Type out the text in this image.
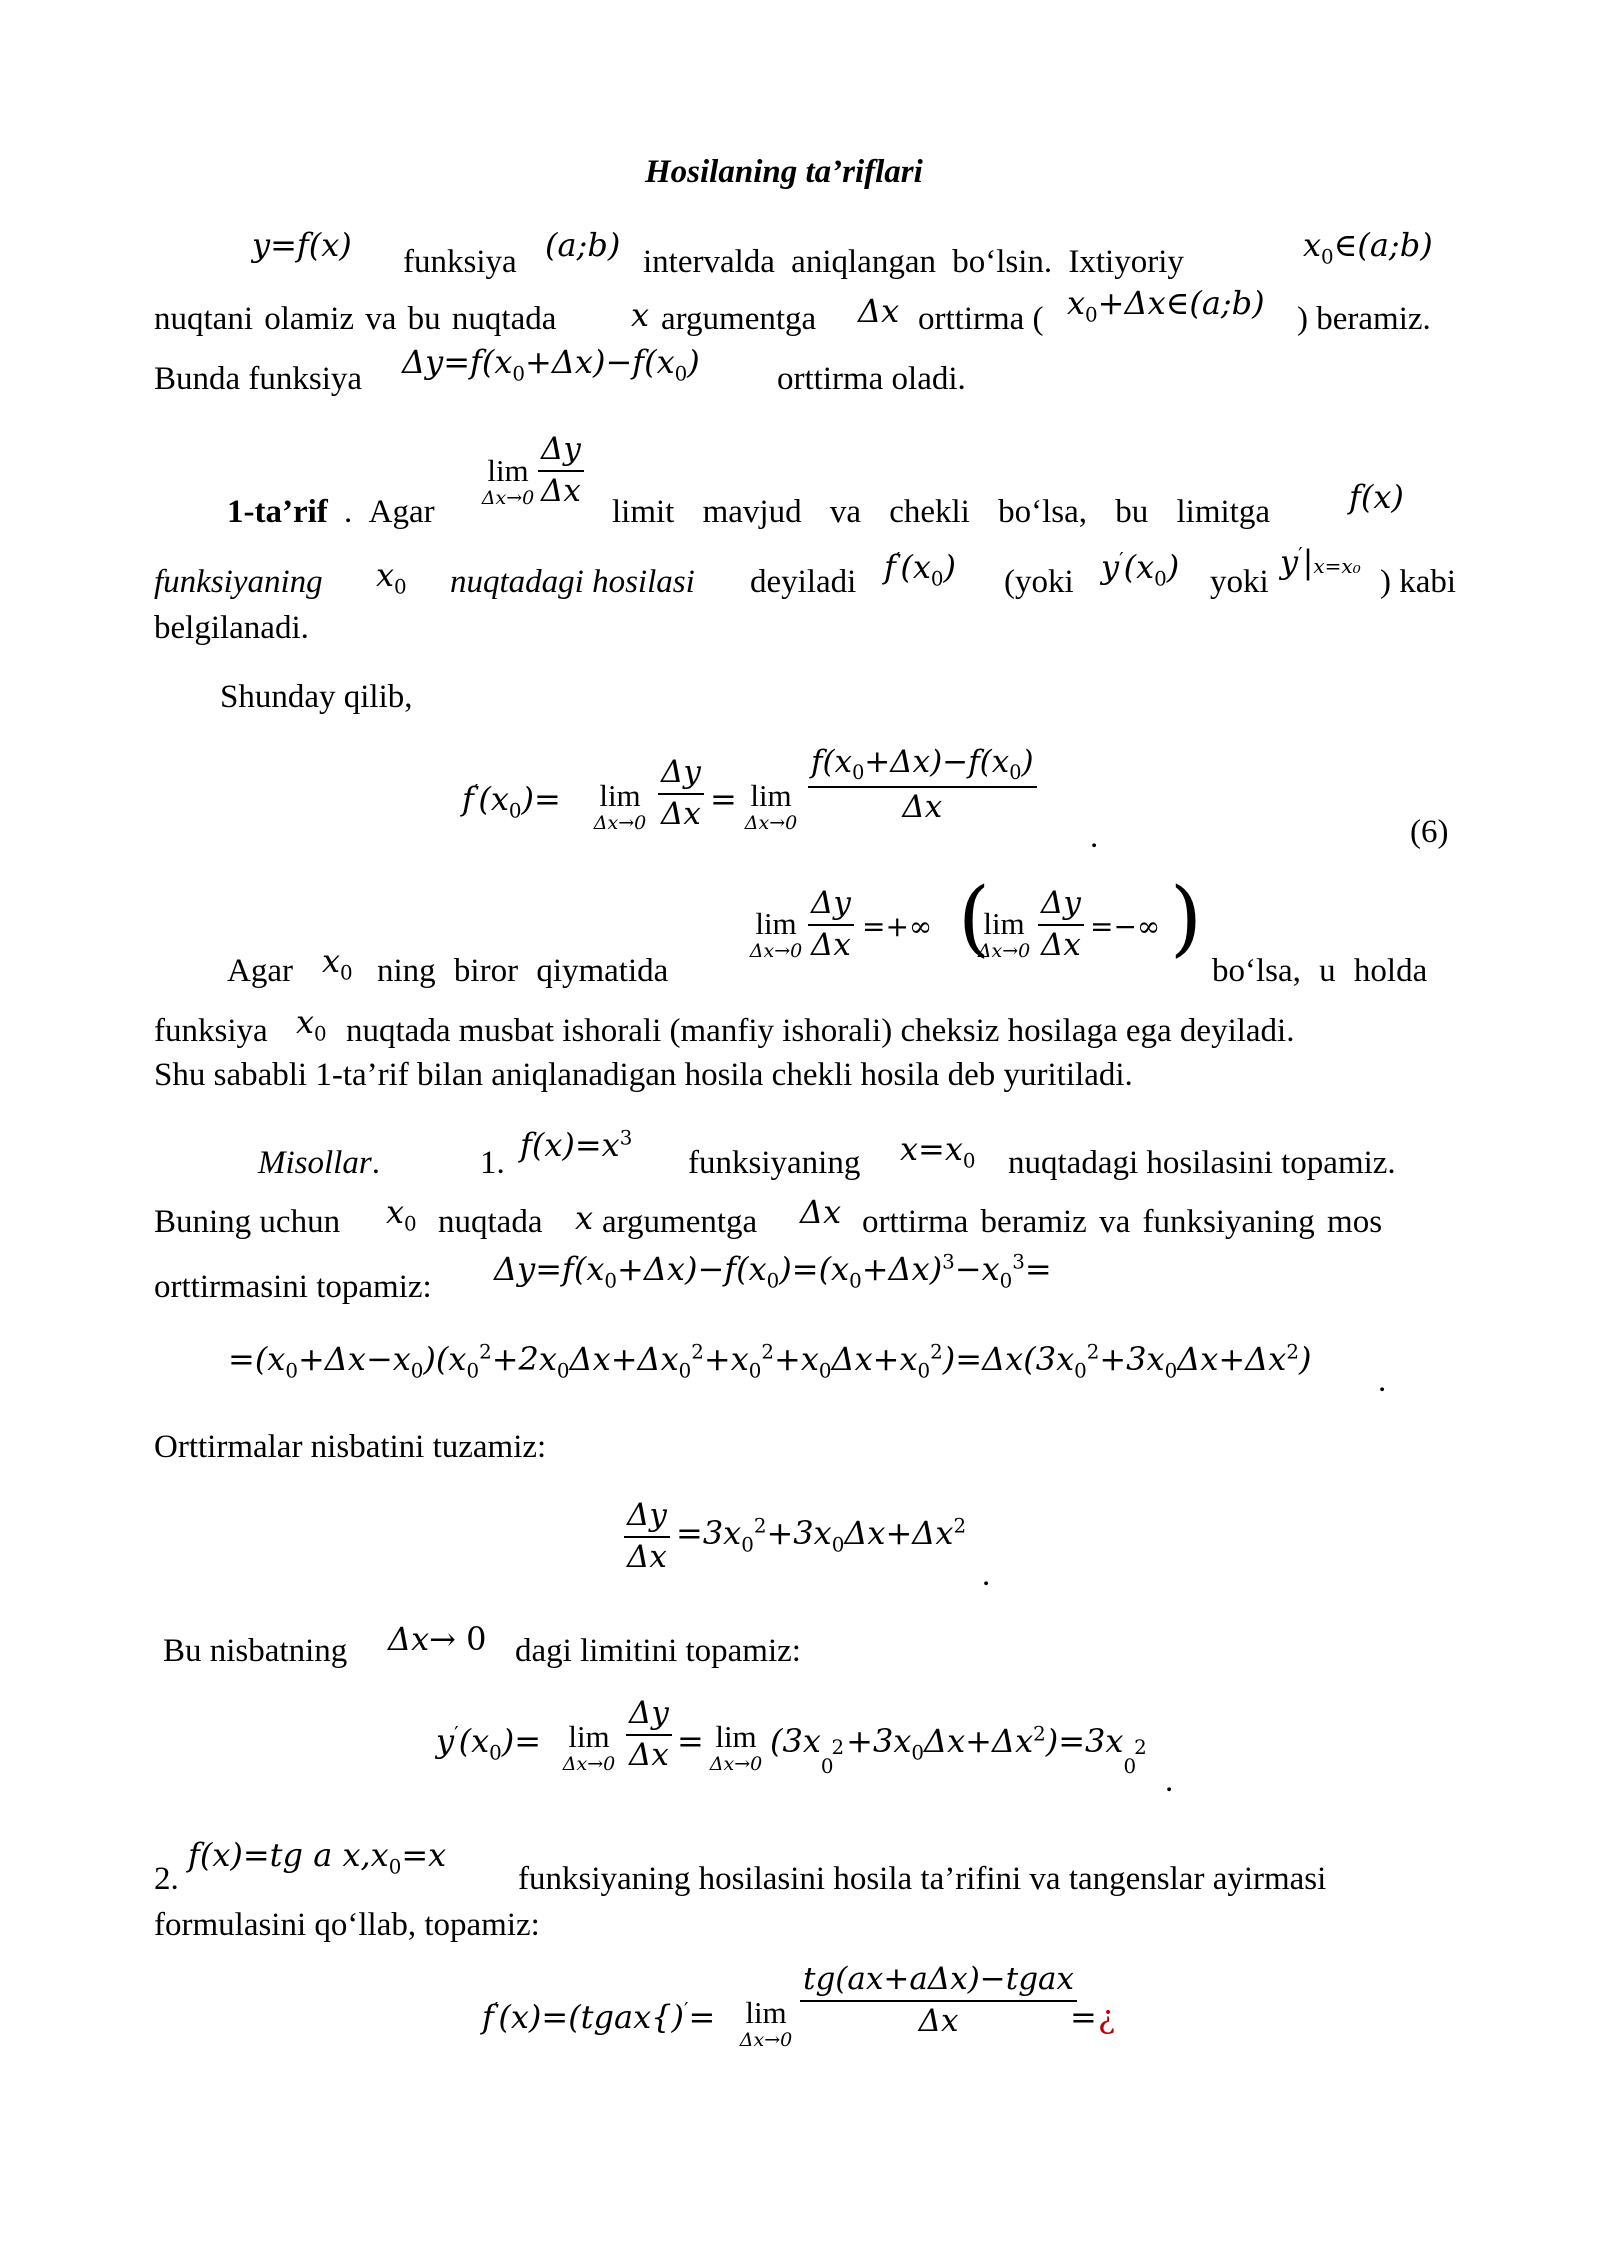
Hosilaning ta’riflari
y=f(x) funksiya (a;b) intervalda aniqlangan bo‘lsin. Ixtiyoriy	$x_0\in(a;b)$
nuqtani olamiz va bu nuqtada x argumentga Δx orttirma ( $x_0+\Delta x\in(a;b)$ ) beramiz.
Bunda funksiya $\Delta y=f(x_0+\Delta x)-f(x_0)$ orttirma oladi.
lim
$\Delta x\to 0 \frac{\Delta y}{\Delta x}$
1-ta’rif . Agar	limit mavjud va chekli bo‘lsa, bu limitga f(x)
funksiyaning $x_0$ nuqtadagi hosilasi deyiladi $f'(x_0)$ (yoki $y'(x_0)$ yoki
y′|x=x₀ ) kabi
belgilanadi.
Shunday qilib,
$f'(x_0)=$	lim
$\Delta x\to 0 \frac{\Delta y}{\Delta x} = \lim$
$\Delta x\to 0 \frac{f(x_0+\Delta x)-f(x_0)}{\Delta x}$
.	(6)
lim
$\Delta x\to 0 \frac{\Delta y}{\Delta x}$ =+∞ (
lim
$\Delta x\to 0 \frac{\Delta y}{\Delta x}$ =−∞ )
Agar $x_0$ ning biror qiymatida	bo‘lsa, u holda
funksiya $x_0$ nuqtada musbat ishorali (manfiy ishorali) cheksiz hosilaga ega deyiladi.
Shu sababli 1-ta’rif bilan aniqlanadigan hosila chekli hosila deb yuritiladi.
Misollar.	1. $f(x)=x^3$
funksiyaning $x=x_0$ nuqtadagi hosilasini topamiz.
Buning uchun $x_0$ nuqtada x argumentga Δx orttirma beramiz va funksiyaning mos
orttirmasini topamiz: $\Delta y=f(x_0+\Delta x)-f(x_0)=(x_0+\Delta x)^3-x_0^3=$
$=(x_0+\Delta x-x_0)(x_0^2+2x_0\Delta x+\Delta x_0^2+x_0^2+x_0\Delta x+x_0^2)=\Delta x(3x_0^2+3x_0\Delta x+\Delta x^2)$
.
Orttirmalar nisbatini tuzamiz:
$\frac{\Delta y}{\Delta x} =3x_0^2+3x_0\Delta x+\Delta x^2$
.
Bu nisbatning Δx→ 0 dagi limitini topamiz:
$y'(x_0)= \lim$
$\Delta x\to 0 \frac{\Delta y}{\Delta x} = \lim$
Δx→0
$(3x_0^2+3x_0\Delta x+\Delta x^2)=3x_0^2$
.
2.
f(x)=tg a $x,x_0=x$
funksiyaning hosilasini hosila ta’rifini va tangenslar ayirmasi
formulasini qo‘llab, topamiz:
f′(x)=(tgax{)′= lim
Δx→0
tg(ax+aΔx)−tgax
Δx	= ¿
